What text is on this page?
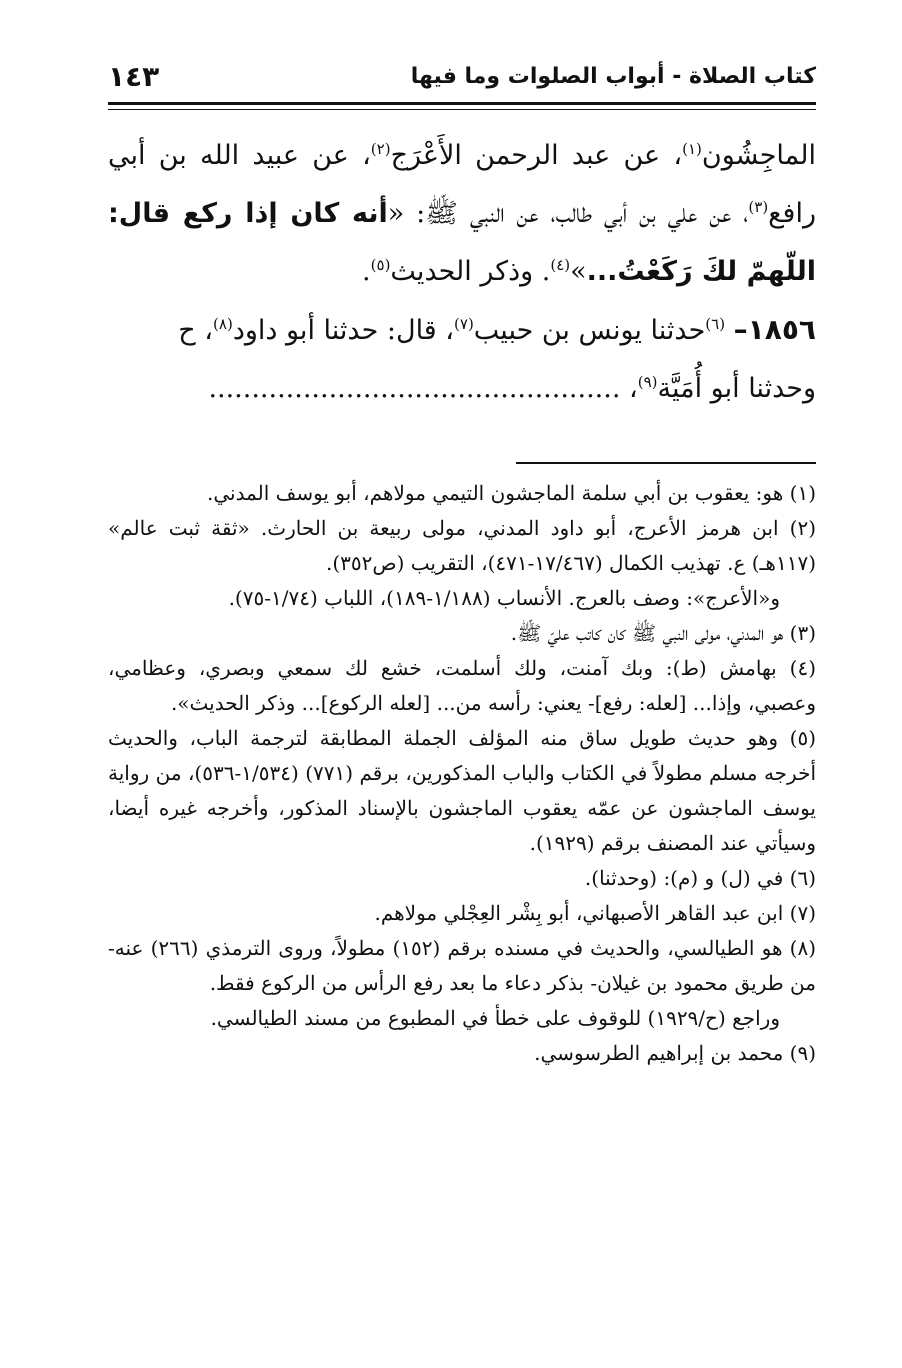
كتاب الصلاة - أبواب الصلوات وما فيها
١٤٣

الماجِشُون$^{(١)}$، عن عبد الرحمن الأَعْرَج$^{(٢)}$، عن عبيد الله بن أبي رافع$^{(٣)}$، عن علي بن أبي طالب، عن النبي ﷺ: «أنه كان إذا ركع قال: اللّهمّ لكَ رَكَعْتُ...»$^{(٤)}$. وذكر الحديث$^{(٥)}$.

١٨٥٦– $^{(٦)}$حدثنا يونس بن حبيب$^{(٧)}$، قال: حدثنا أبو داود$^{(٨)}$، ح

وحدثنا أبو أُمَيَّة$^{(٩)}$، ................................................

(١) هو: يعقوب بن أبي سلمة الماجشون التيمي مولاهم، أبو يوسف المدني.

(٢) ابن هرمز الأعرج، أبو داود المدني، مولى ربيعة بن الحارث. «ثقة ثبت عالم» (١١٧هـ) ع. تهذيب الكمال (١٧/٤٦٧-٤٧١)، التقريب (ص٣٥٢).

و«الأعرج»: وصف بالعرج. الأنساب (١/١٨٨-١٨٩)، اللباب (١/٧٤-٧٥).

(٣) هو المدني، مولى النبي ﷺ كان كاتب عليّ ﷺ.

(٤) بهامش (ط): وبك آمنت، ولك أسلمت، خشع لك سمعي وبصري، وعظامي، وعصبي، وإذا... [لعله: رفع]- يعني: رأسه من... [لعله الركوع]... وذكر الحديث».

(٥) وهو حديث طويل ساق منه المؤلف الجملة المطابقة لترجمة الباب، والحديث أخرجه مسلم مطولاً في الكتاب والباب المذكورين، برقم (٧٧١) (١/٥٣٤-٥٣٦)، من رواية يوسف الماجشون عن عمّه يعقوب الماجشون بالإسناد المذكور، وأخرجه غيره أيضا، وسيأتي عند المصنف برقم (١٩٢٩).

(٦) في (ل) و (م): (وحدثنا).

(٧) ابن عبد القاهر الأصبهاني، أبو بِشْر العِجْلي مولاهم.

(٨) هو الطيالسي، والحديث في مسنده برقم (١٥٢) مطولاً، وروى الترمذي (٢٦٦) عنه- من طريق محمود بن غيلان- بذكر دعاء ما بعد رفع الرأس من الركوع فقط.

وراجع (ح/١٩٢٩) للوقوف على خطأ في المطبوع من مسند الطيالسي.

(٩) محمد بن إبراهيم الطرسوسي.
